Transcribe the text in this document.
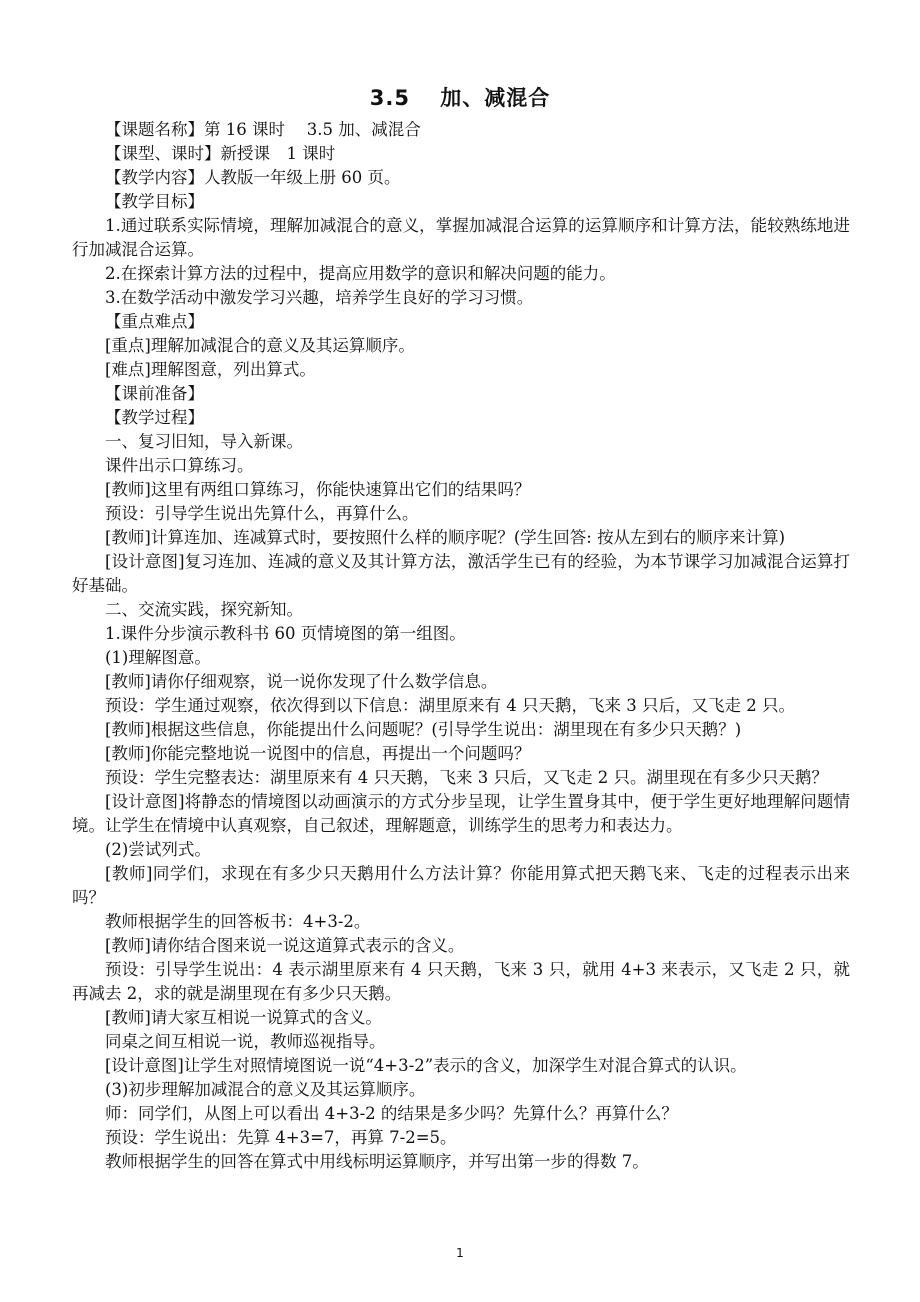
3.5　 加、减混合

【课题名称】第 16 课时　 3.5 加、减混合

【课型、课时】新授课　1 课时

【教学内容】人教版一年级上册 60 页。

【教学目标】

1.通过联系实际情境，理解加减混合的意义，掌握加减混合运算的运算顺序和计算方法，能较熟练地进行加减混合运算。

2.在探索计算方法的过程中，提高应用数学的意识和解决问题的能力。

3.在数学活动中激发学习兴趣，培养学生良好的学习习惯。

【重点难点】

[重点]理解加减混合的意义及其运算顺序。

[难点]理解图意，列出算式。

【课前准备】

【教学过程】

一、复习旧知，导入新课。

课件出示口算练习。

[教师]这里有两组口算练习，你能快速算出它们的结果吗？

预设：引导学生说出先算什么，再算什么。

[教师]计算连加、连减算式时，要按照什么样的顺序呢？(学生回答: 按从左到右的顺序来计算)

[设计意图]复习连加、连减的意义及其计算方法，激活学生已有的经验，为本节课学习加减混合运算打好基础。

二、交流实践，探究新知。

1.课件分步演示教科书 60 页情境图的第一组图。

(1)理解图意。

[教师]请你仔细观察，说一说你发现了什么数学信息。

预设：学生通过观察，依次得到以下信息：湖里原来有 4 只天鹅，飞来 3 只后，又飞走 2 只。

[教师]根据这些信息，你能提出什么问题呢？(引导学生说出：湖里现在有多少只天鹅？)

[教师]你能完整地说一说图中的信息，再提出一个问题吗？

预设：学生完整表达：湖里原来有 4 只天鹅，飞来 3 只后，又飞走 2 只。湖里现在有多少只天鹅？

[设计意图]将静态的情境图以动画演示的方式分步呈现，让学生置身其中，便于学生更好地理解问题情境。让学生在情境中认真观察，自己叙述，理解题意，训练学生的思考力和表达力。

(2)尝试列式。

[教师]同学们，求现在有多少只天鹅用什么方法计算？你能用算式把天鹅飞来、飞走的过程表示出来吗？

教师根据学生的回答板书：4+3-2。

[教师]请你结合图来说一说这道算式表示的含义。

预设：引导学生说出：4 表示湖里原来有 4 只天鹅，飞来 3 只，就用 4+3 来表示，又飞走 2 只，就再减去 2，求的就是湖里现在有多少只天鹅。

[教师]请大家互相说一说算式的含义。

同桌之间互相说一说，教师巡视指导。

[设计意图]让学生对照情境图说一说“4+3-2”表示的含义，加深学生对混合算式的认识。

(3)初步理解加减混合的意义及其运算顺序。

师：同学们，从图上可以看出 4+3-2 的结果是多少吗？先算什么？再算什么？

预设：学生说出：先算 4+3=7，再算 7-2=5。

教师根据学生的回答在算式中用线标明运算顺序，并写出第一步的得数 7。

1
